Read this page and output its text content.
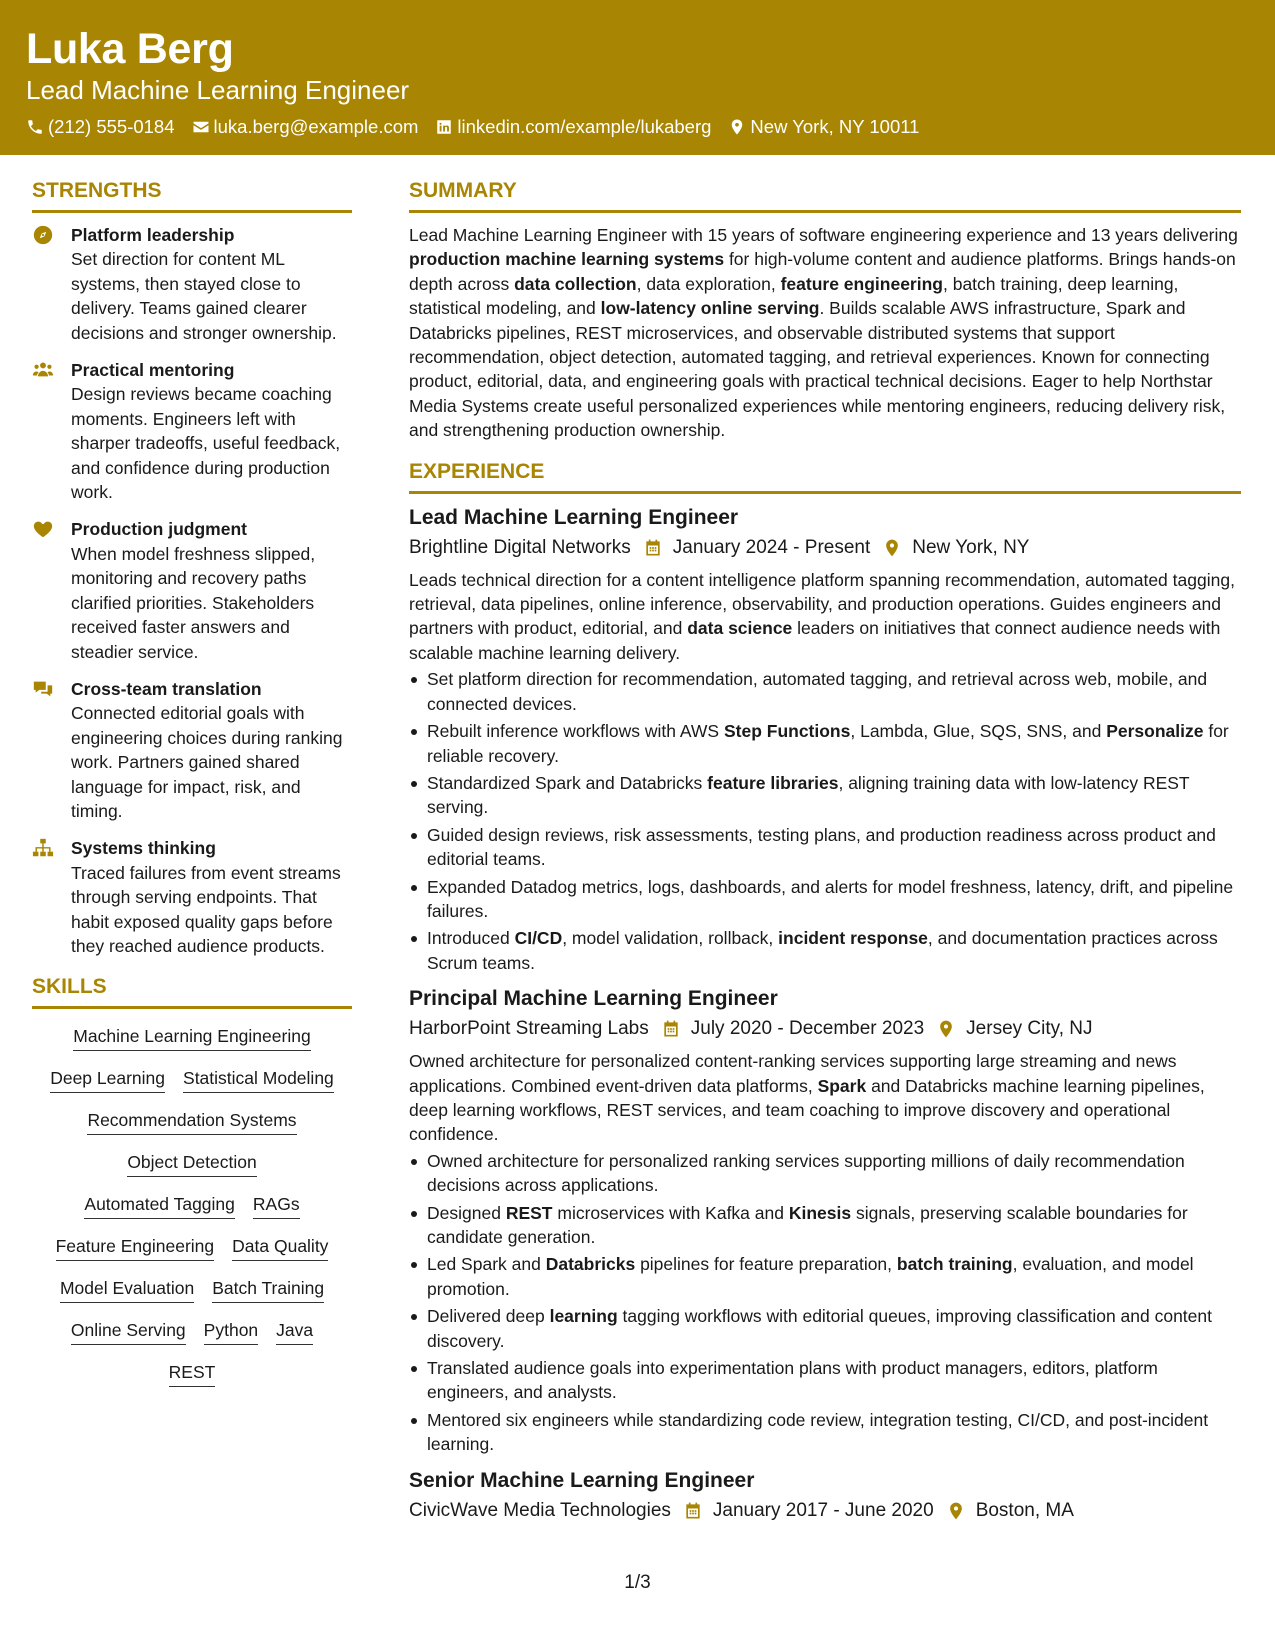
Luka Berg
Lead Machine Learning Engineer
(212) 555-0184 luka.berg@example.com linkedin.com/example/lukaberg New York, NY 10011
STRENGTHS
Platform leadership
Set direction for content ML systems, then stayed close to delivery. Teams gained clearer decisions and stronger ownership.
Practical mentoring
Design reviews became coaching moments. Engineers left with sharper tradeoffs, useful feedback, and confidence during production work.
Production judgment
When model freshness slipped, monitoring and recovery paths clarified priorities. Stakeholders received faster answers and steadier service.
Cross-team translation
Connected editorial goals with engineering choices during ranking work. Partners gained shared language for impact, risk, and timing.
Systems thinking
Traced failures from event streams through serving endpoints. That habit exposed quality gaps before they reached audience products.
SKILLS
Machine Learning Engineering
Deep Learning Statistical Modeling
Recommendation Systems
Object Detection
Automated Tagging RAGs
Feature Engineering Data Quality
Model Evaluation Batch Training
Online Serving Python Java
REST
SUMMARY
Lead Machine Learning Engineer with 15 years of software engineering experience and 13 years delivering production machine learning systems for high-volume content and audience platforms. Brings hands-on depth across data collection, data exploration, feature engineering, batch training, deep learning, statistical modeling, and low-latency online serving. Builds scalable AWS infrastructure, Spark and Databricks pipelines, REST microservices, and observable distributed systems that support recommendation, object detection, automated tagging, and retrieval experiences. Known for connecting product, editorial, data, and engineering goals with practical technical decisions. Eager to help Northstar Media Systems create useful personalized experiences while mentoring engineers, reducing delivery risk, and strengthening production ownership.
EXPERIENCE
Lead Machine Learning Engineer
Brightline Digital Networks January 2024 - Present New York, NY
Leads technical direction for a content intelligence platform spanning recommendation, automated tagging, retrieval, data pipelines, online inference, observability, and production operations. Guides engineers and partners with product, editorial, and data science leaders on initiatives that connect audience needs with scalable machine learning delivery.
Set platform direction for recommendation, automated tagging, and retrieval across web, mobile, and connected devices.
Rebuilt inference workflows with AWS Step Functions, Lambda, Glue, SQS, SNS, and Personalize for reliable recovery.
Standardized Spark and Databricks feature libraries, aligning training data with low-latency REST serving.
Guided design reviews, risk assessments, testing plans, and production readiness across product and editorial teams.
Expanded Datadog metrics, logs, dashboards, and alerts for model freshness, latency, drift, and pipeline failures.
Introduced CI/CD, model validation, rollback, incident response, and documentation practices across Scrum teams.
Principal Machine Learning Engineer
HarborPoint Streaming Labs July 2020 - December 2023 Jersey City, NJ
Owned architecture for personalized content-ranking services supporting large streaming and news applications. Combined event-driven data platforms, Spark and Databricks machine learning pipelines, deep learning workflows, REST services, and team coaching to improve discovery and operational confidence.
Owned architecture for personalized ranking services supporting millions of daily recommendation decisions across applications.
Designed REST microservices with Kafka and Kinesis signals, preserving scalable boundaries for candidate generation.
Led Spark and Databricks pipelines for feature preparation, batch training, evaluation, and model promotion.
Delivered deep learning tagging workflows with editorial queues, improving classification and content discovery.
Translated audience goals into experimentation plans with product managers, editors, platform engineers, and analysts.
Mentored six engineers while standardizing code review, integration testing, CI/CD, and post-incident learning.
Senior Machine Learning Engineer
CivicWave Media Technologies January 2017 - June 2020 Boston, MA
1/3
